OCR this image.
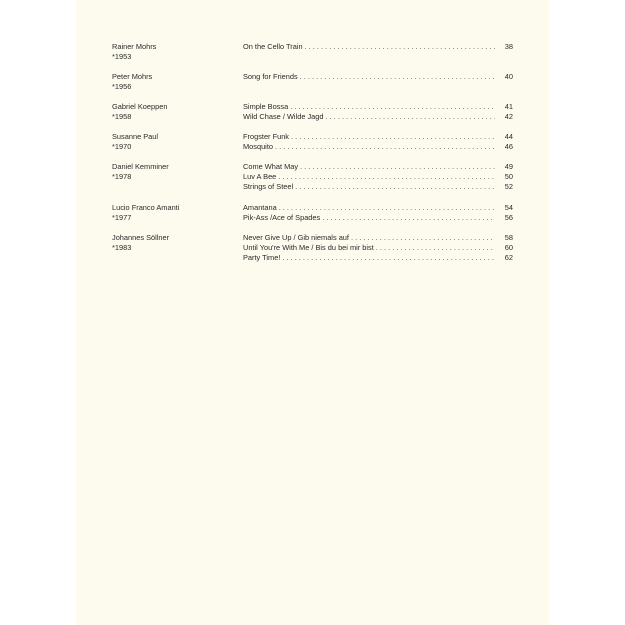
Rainer Mohrs
*1953
On the Cello Train . . .	38
Peter Mohrs
*1956
Song for Friends . . .	40
Gabriel Koeppen
*1958
Simple Bossa . . .	41
Wild Chase / Wilde Jagd . . .	42
Susanne Paul
*1970
Frogster Funk . . .	44
Mosquito . . .	46
Daniel Kemminer
*1978
Come What May . . .	49
Luv A Bee . . .	50
Strings of Steel . . .	52
Lucio Franco Amanti
*1977
Amantana . . .	54
Pik-Ass /Ace of Spades . . .	56
Johannes Söllner
*1983
Never Give Up / Gib niemals auf . . .	58
Until You're With Me / Bis du bei mir bist . . .	60
Party Time! . . .	62
